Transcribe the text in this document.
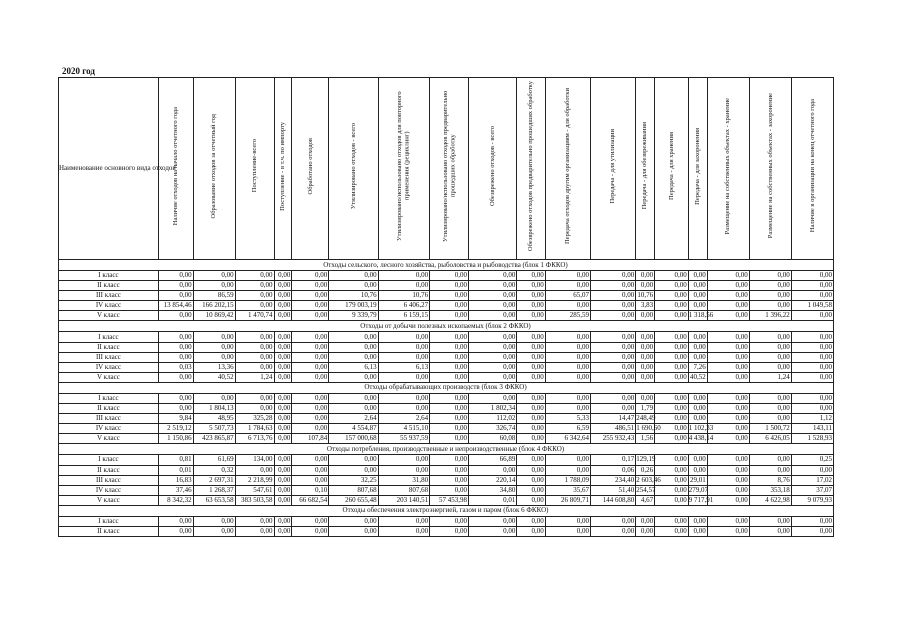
2020 год
Наименование основного вида отходов	Наличие отходов на начало отчетного года	Образование отходов за отчетный год	Поступление-всего	Поступление - в т.ч. по импорту	Обработано отходов	Утилизировано отходов - всего	Утилизировано/использовано отходов для повторного применения (рециклинг)	Утилизировано/использовано отходов предварительно прошедших обработку	Обезврежено отходов - всего	Обезврежено отходов предварительно прошедших обработку	Передача отходов другим организациям - для обработки	Передача - для утилизации	Передача - для обезвреживания	Передача - для хранения	Передача - для захоронения	Размещение на собственных объектах - хранение	Размещение на собственных объектах - захоронение	Наличие в организации на конец отчетного года
Отходы сельского, лесного хозяйства, рыболовства и рыбоводства (блок 1 ФККО)																		
I класс	0,00	0,00	0,00	0,00	0,00	0,00	0,00	0,00	0,00	0,00	0,00	0,00	0,00	0,00	0,00	0,00	0,00	0,00
II класс	0,00	0,00	0,00	0,00	0,00	0,00	0,00	0,00	0,00	0,00	0,00	0,00	0,00	0,00	0,00	0,00	0,00	0,00
III класс	0,00	86,59	0,00	0,00	0,00	10,76	10,76	0,00	0,00	0,00	65,07	0,00	10,76	0,00	0,00	0,00	0,00	0,00
IV класс	13 854,46	166 202,15	0,00	0,00	0,00	179 003,19	6 406,27	0,00	0,00	0,00	0,00	0,00	3,83	0,00	0,00	0,00	0,00	1 049,58
V класс	0,00	10 869,42	1 470,74	0,00	0,00	9 339,79	6 159,15	0,00	0,00	0,00	285,59	0,00	0,00	0,00	1 318,56	0,00	1 396,22	0,00
Отходы от добычи полезных ископаемых (блок 2 ФККО)																		
I класс	0,00	0,00	0,00	0,00	0,00	0,00	0,00	0,00	0,00	0,00	0,00	0,00	0,00	0,00	0,00	0,00	0,00	0,00
II класс	0,00	0,00	0,00	0,00	0,00	0,00	0,00	0,00	0,00	0,00	0,00	0,00	0,00	0,00	0,00	0,00	0,00	0,00
III класс	0,00	0,00	0,00	0,00	0,00	0,00	0,00	0,00	0,00	0,00	0,00	0,00	0,00	0,00	0,00	0,00	0,00	0,00
IV класс	0,03	13,36	0,00	0,00	0,00	6,13	6,13	0,00	0,00	0,00	0,00	0,00	0,00	0,00	7,26	0,00	0,00	0,00
V класс	0,00	40,52	1,24	0,00	0,00	0,00	0,00	0,00	0,00	0,00	0,00	0,00	0,00	0,00	40,52	0,00	1,24	0,00
Отходы обрабатывающих производств (блок 3 ФККО)																		
I класс	0,00	0,00	0,00	0,00	0,00	0,00	0,00	0,00	0,00	0,00	0,00	0,00	0,00	0,00	0,00	0,00	0,00	0,00
II класс	0,00	1 804,13	0,00	0,00	0,00	0,00	0,00	0,00	1 802,34	0,00	0,00	0,00	1,79	0,00	0,00	0,00	0,00	0,00
III класс	9,84	48,95	325,28	0,00	0,00	2,64	2,64	0,00	112,02	0,00	5,33	14,47	248,49	0,00	0,00	0,00	0,00	1,12
IV класс	2 519,12	5 507,73	1 784,63	0,00	0,00	4 554,87	4 515,10	0,00	326,74	0,00	6,59	486,51	1 690,60	0,00	1 102,33	0,00	1 500,72	143,11
V класс	1 150,86	423 865,87	6 713,76	0,00	107,84	157 000,68	55 937,59	0,00	60,08	0,00	6 342,64	255 932,43	1,56	0,00	4 438,14	0,00	6 426,05	1 528,93
Отходы потребления, производственные и непроизводственные (блок 4 ФККО)																		
I класс	0,81	61,69	134,00	0,00	0,00	0,00	0,00	0,00	66,89	0,00	0,00	0,17	129,19	0,00	0,00	0,00	0,00	0,25
II класс	0,01	0,32	0,00	0,00	0,00	0,00	0,00	0,00	0,00	0,00	0,00	0,06	0,26	0,00	0,00	0,00	0,00	0,00
III класс	16,83	2 697,31	2 218,99	0,00	0,00	32,25	31,80	0,00	220,14	0,00	1 788,09	234,40	2 603,46	0,00	29,01	0,00	8,76	17,02
IV класс	37,46	1 268,37	547,61	0,00	0,10	807,68	807,68	0,00	34,80	0,00	35,67	51,40	254,57	0,00	279,07	0,00	353,18	37,07
V класс	8 342,32	63 653,58	383 503,58	0,00	66 682,54	260 655,48	203 140,51	57 453,98	0,01	0,00	26 809,71	144 608,80	4,67	0,00	9 717,91	0,00	4 622,98	9 079,93
Отходы обеспечения электроэнергией, газом и паром (блок 6 ФККО)																		
I класс	0,00	0,00	0,00	0,00	0,00	0,00	0,00	0,00	0,00	0,00	0,00	0,00	0,00	0,00	0,00	0,00	0,00	0,00
II класс	0,00	0,00	0,00	0,00	0,00	0,00	0,00	0,00	0,00	0,00	0,00	0,00	0,00	0,00	0,00	0,00	0,00	0,00
